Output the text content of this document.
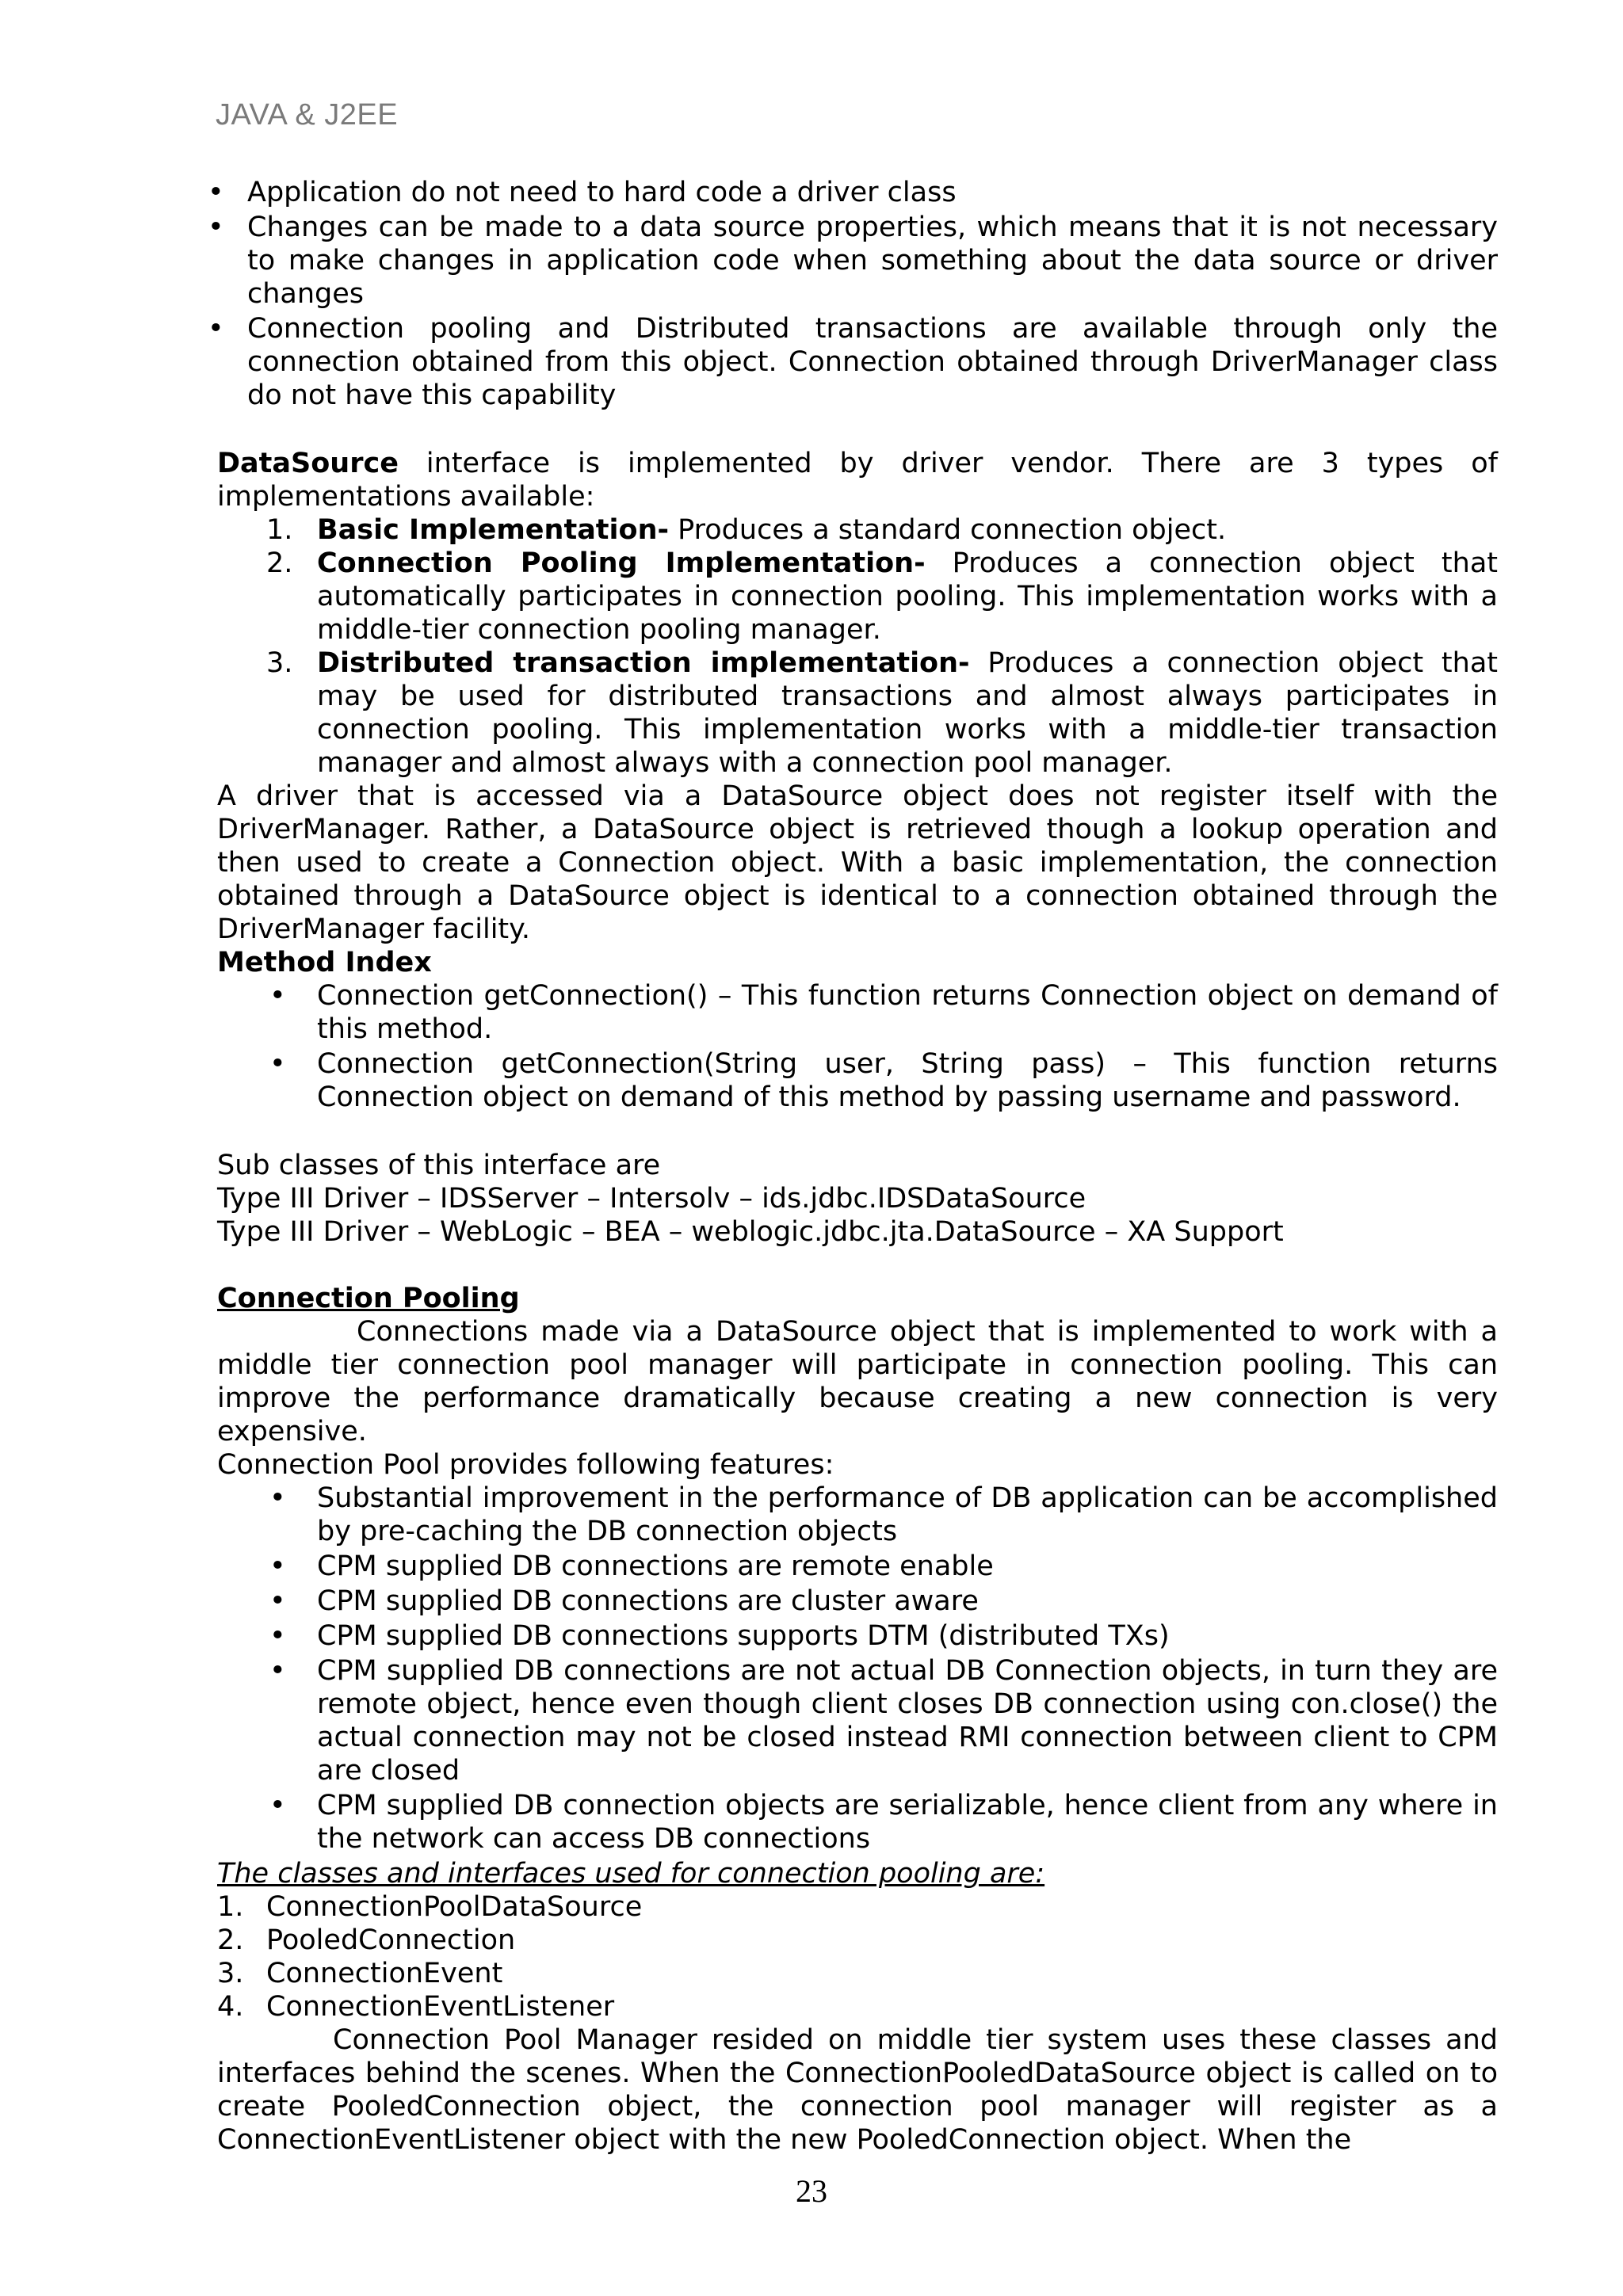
JAVA & J2EE
• Application do not need to hard code a driver class
• Changes can be made to a data source properties, which means that it is not necessary to make changes in application code when something about the data source or driver changes
• Connection pooling and Distributed transactions are available through only the connection obtained from this object. Connection obtained through DriverManager class do not have this capability

DataSource interface is implemented by driver vendor. There are 3 types of implementations available:

1. Basic Implementation- Produces a standard connection object.
2. Connection Pooling Implementation- Produces a connection object that automatically participates in connection pooling. This implementation works with a middle-tier connection pooling manager.
3. Distributed transaction implementation- Produces a connection object that may be used for distributed transactions and almost always participates in connection pooling. This implementation works with a middle-tier transaction manager and almost always with a connection pool manager.

A driver that is accessed via a DataSource object does not register itself with the DriverManager. Rather, a DataSource object is retrieved though a lookup operation and then used to create a Connection object. With a basic implementation, the connection obtained through a DataSource object is identical to a connection obtained through the DriverManager facility.

Method Index

• Connection getConnection() – This function returns Connection object on demand of this method.
• Connection getConnection(String user, String pass) – This function returns Connection object on demand of this method by passing username and password.

Sub classes of this interface are

Type III Driver – IDSServer – Intersolv – ids.jdbc.IDSDataSource

Type III Driver – WebLogic – BEA – weblogic.jdbc.jta.DataSource – XA Support

Connection Pooling

Connections made via a DataSource object that is implemented to work with a middle tier connection pool manager will participate in connection pooling. This can improve the performance dramatically because creating a new connection is very expensive.

Connection Pool provides following features:

• Substantial improvement in the performance of DB application can be accomplished by pre-caching the DB connection objects
• CPM supplied DB connections are remote enable
• CPM supplied DB connections are cluster aware
• CPM supplied DB connections supports DTM (distributed TXs)
• CPM supplied DB connections are not actual DB Connection objects, in turn they are remote object, hence even though client closes DB connection using con.close() the actual connection may not be closed instead RMI connection between client to CPM are closed
• CPM supplied DB connection objects are serializable, hence client from any where in the network can access DB connections

The classes and interfaces used for connection pooling are:

1. ConnectionPoolDataSource
2. PooledConnection
3. ConnectionEvent
4. ConnectionEventListener

Connection Pool Manager resided on middle tier system uses these classes and interfaces behind the scenes. When the ConnectionPooledDataSource object is called on to create PooledConnection object, the connection pool manager will register as a ConnectionEventListener object with the new PooledConnection object. When the

23
